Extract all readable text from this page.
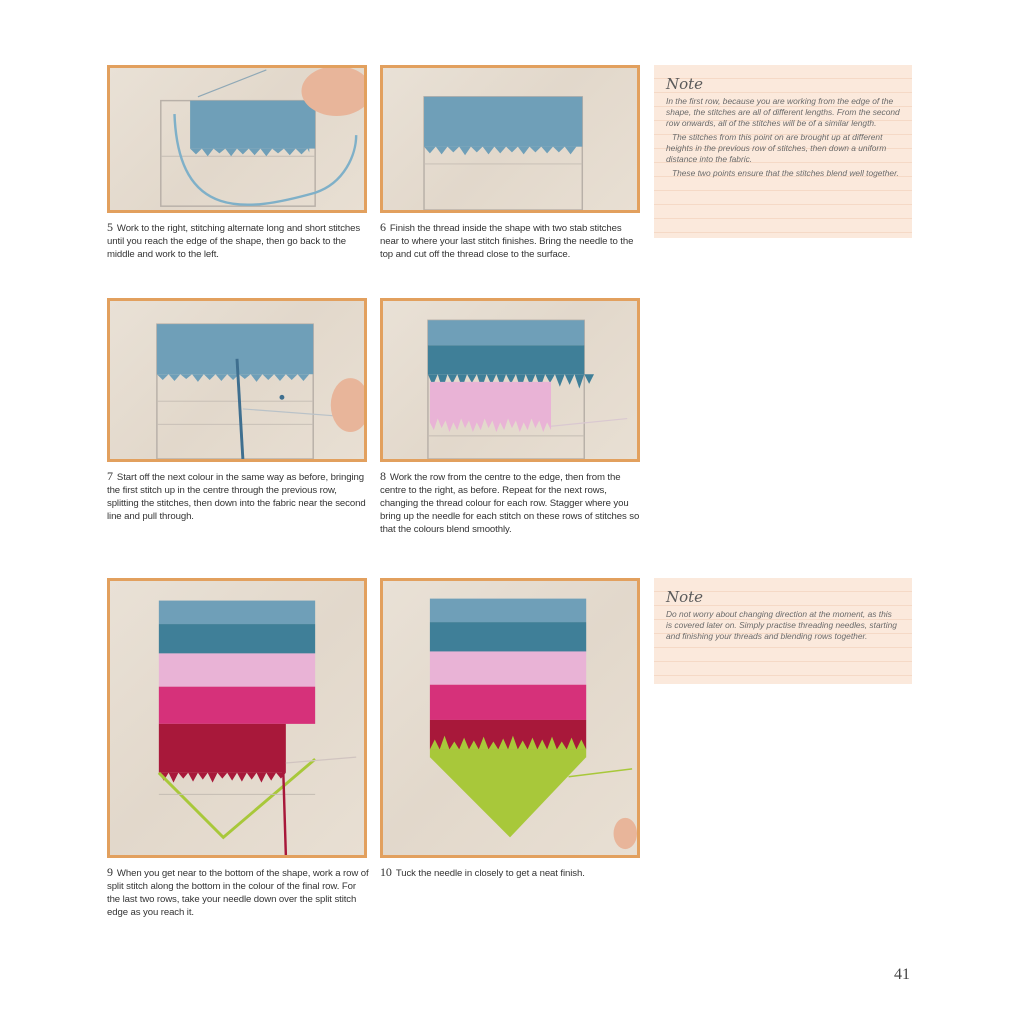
5 Work to the right, stitching alternate long and short stitches until you reach the edge of the shape, then go back to the middle and work to the left.
6 Finish the thread inside the shape with two stab stitches near to where your last stitch finishes. Bring the needle to the top and cut off the thread close to the surface.
Note

In the first row, because you are working from the edge of the shape, the stitches are all of different lengths. From the second row onwards, all of the stitches will be of a similar length.

The stitches from this point on are brought up at different heights in the previous row of stitches, then down a uniform distance into the fabric.

These two points ensure that the stitches blend well together.

7 Start off the next colour in the same way as before, bringing the first stitch up in the centre through the previous row, splitting the stitches, then down into the fabric near the second line and pull through.
8 Work the row from the centre to the edge, then from the centre to the right, as before. Repeat for the next rows, changing the thread colour for each row. Stagger where you bring up the needle for each stitch on these rows of stitches so that the colours blend smoothly.
9 When you get near to the bottom of the shape, work a row of split stitch along the bottom in the colour of the final row. For the last two rows, take your needle down over the split stitch edge as you reach it.
10 Tuck the needle in closely to get a neat finish.
Note

Do not worry about changing direction at the moment, as this is covered later on. Simply practise threading needles, starting and finishing your threads and blending rows together.

41
